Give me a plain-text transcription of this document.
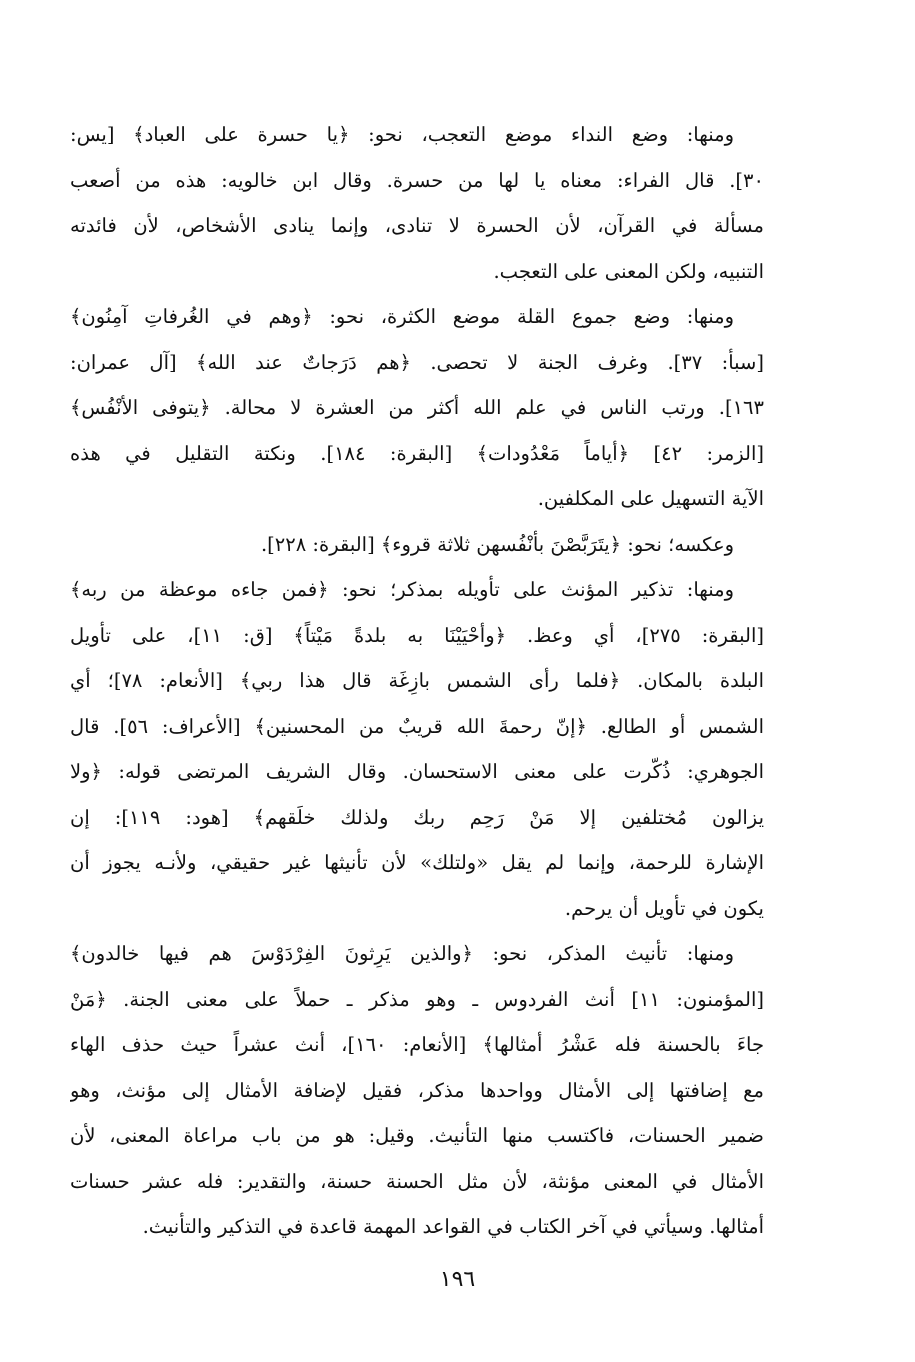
ومنها: وضع النداء موضع التعجب، نحو: ﴿يا حسرة على العباد﴾ [يس:
٣٠]. قال الفراء: معناه يا لها من حسرة. وقال ابن خالويه: هذه من أصعب
مسألة في القرآن، لأن الحسرة لا تنادى، وإنما ينادى الأشخاص، لأن فائدته
التنبيه، ولكن المعنى على التعجب.
ومنها: وضع جموع القلة موضع الكثرة، نحو: ﴿وهم في الغُرفاتِ آمِنُون﴾
[سبأ: ٣٧]. وغرف الجنة لا تحصى. ﴿هم دَرَجاتٌ عند الله﴾ [آل عمران:
١٦٣]. ورتب الناس في علم الله أكثر من العشرة لا محالة. ﴿يتوفى الأنْفُس﴾
[الزمر: ٤٢] ﴿أياماً مَعْدُودات﴾ [البقرة: ١٨٤]. ونكتة التقليل في هذه
الآية التسهيل على المكلفين.
وعكسه؛ نحو: ﴿يتَرَبَّصْنَ بأنْفُسهن ثلاثة قروء﴾ [البقرة: ٢٢٨].
ومنها: تذكير المؤنث على تأويله بمذكر؛ نحو: ﴿فمن جاءه موعظة من ربه﴾
[البقرة: ٢٧٥]، أي وعظ. ﴿وأحْيَيْنَا به بلدةً مَيْتاً﴾ [ق: ١١]، على تأويل
البلدة بالمكان. ﴿فلما رأى الشمس بازِغَة قال هذا ربي﴾ [الأنعام: ٧٨]؛ أي
الشمس أو الطالع. ﴿إنّ رحمةَ الله قريبٌ من المحسنين﴾ [الأعراف: ٥٦]. قال
الجوهري: ذُكّرت على معنى الاستحسان. وقال الشريف المرتضى قوله: ﴿ولا
يزالون مُختلفين إلا مَنْ رَحِم ربك ولذلك خلَقهم﴾ [هود: ١١٩]: إن
الإشارة للرحمة، وإنما لم يقل «ولتلك» لأن تأنيثها غير حقيقي، ولأنـه يجوز أن
يكون في تأويل أن يرحم.
ومنها: تأنيث المذكر، نحو: ﴿والذين يَرِثونَ الفِرْدَوْسَ هم فيها خالدون﴾
[المؤمنون: ١١] أنث الفردوس ـ وهو مذكر ـ حملاً على معنى الجنة. ﴿مَنْ
جاءَ بالحسنة فله عَشْرُ أمثالها﴾ [الأنعام: ١٦٠]، أنث عشراً حيث حذف الهاء
مع إضافتها إلى الأمثال وواحدها مذكر، فقيل لإضافة الأمثال إلى مؤنث، وهو
ضمير الحسنات، فاكتسب منها التأنيث. وقيل: هو من باب مراعاة المعنى، لأن
الأمثال في المعنى مؤنثة، لأن مثل الحسنة حسنة، والتقدير: فله عشر حسنات
أمثالها. وسيأتي في آخر الكتاب في القواعد المهمة قاعدة في التذكير والتأنيث.
١٩٦
